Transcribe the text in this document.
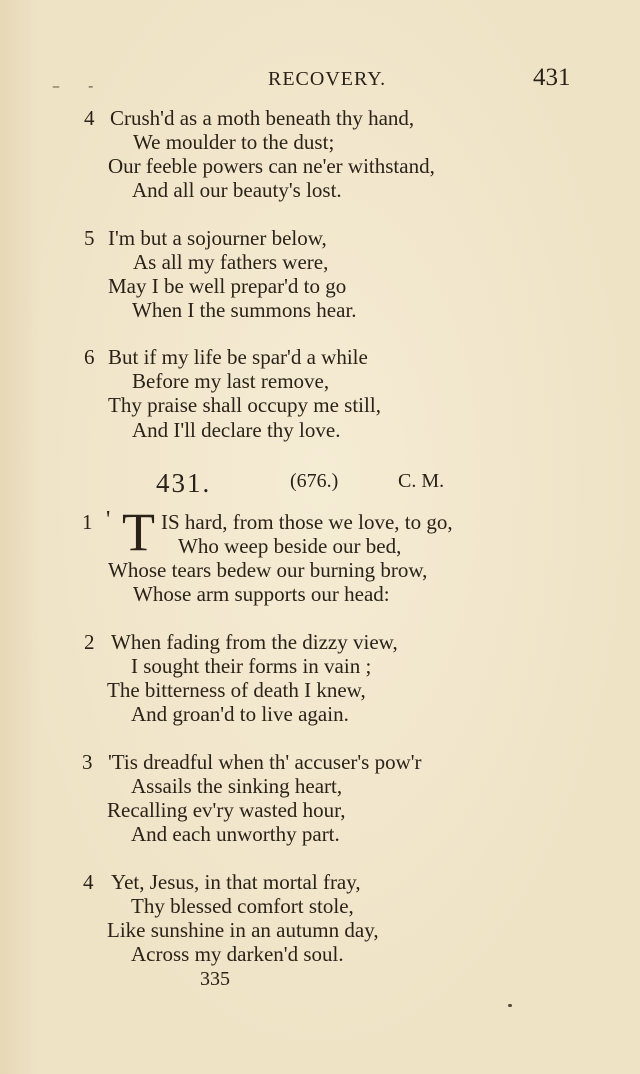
– -	RECOVERY.	431
4 Crush'd as a moth beneath thy hand,
We moulder to the dust;
Our feeble powers can ne'er withstand,
And all our beauty's lost.
5 I'm but a sojourner below,
As all my fathers were,
May I be well prepar'd to go
When I the summons hear.
6 But if my life be spar'd a while
Before my last remove,
Thy praise shall occupy me still,
And I'll declare thy love.
431.	(676.)	C. M.
1 ' T IS hard, from those we love, to go,
Who weep beside our bed,
Whose tears bedew our burning brow,
Whose arm supports our head:
2 When fading from the dizzy view,
I sought their forms in vain ;
The bitterness of death I knew,
And groan'd to live again.
3 'Tis dreadful when th' accuser's pow'r
Assails the sinking heart,
Recalling ev'ry wasted hour,
And each unworthy part.
4 Yet, Jesus, in that mortal fray,
Thy blessed comfort stole,
Like sunshine in an autumn day,
Across my darken'd soul.
335
